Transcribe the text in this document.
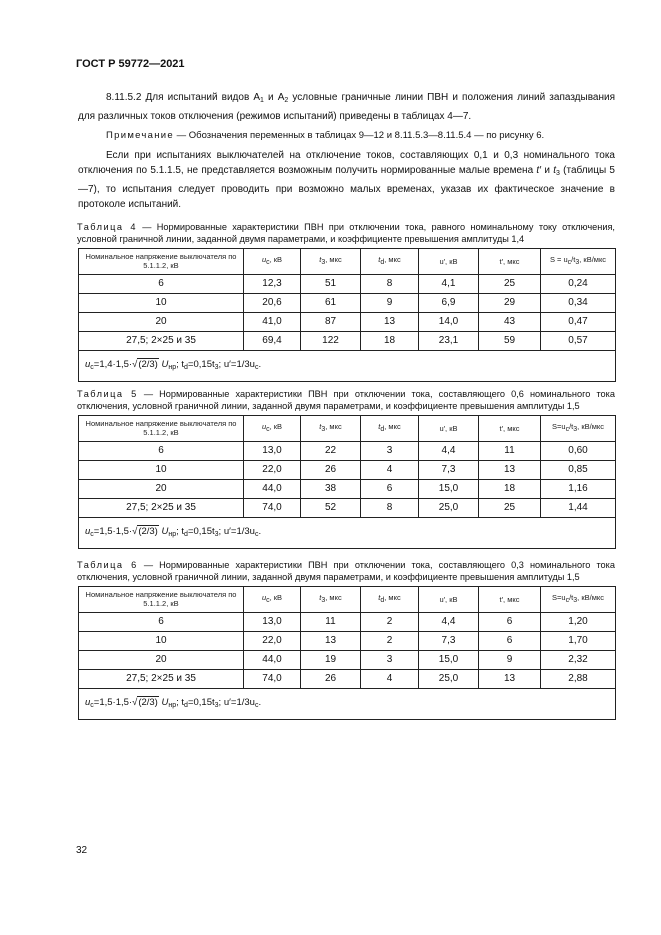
ГОСТ Р 59772—2021

8.11.5.2 Для испытаний видов $А_1$ и $А_2$ условные граничные линии ПВН и положения линий запаздывания для различных токов отключения (режимов испытаний) приведены в таблицах 4—7.

Примечание — Обозначения переменных в таблицах 9—12 и 8.11.5.3—8.11.5.4 — по рисунку 6.

Если при испытаниях выключателей на отключение токов, составляющих 0,1 и 0,3 номинального тока отключения по 5.1.1.5, не представляется возможным получить нормированные малые времена t′ и $t_3$ (таблицы 5—7), то испытания следует проводить при возможно малых временах, указав их фактическое значение в протоколе испытаний.

Таблица 4 — Нормированные характеристики ПВН при отключении тока, равного номинальному току отключения, условной граничной линии, заданной двумя параметрами, и коэффициенте превышения амплитуды 1,4
Номинальное напряжение выключателя по 5.1.1.2, кВ	uc, кВ	t3, мкс	td, мкс	u′, кВ	t′, мкс	S = uc/t3, кВ/мкс
6	12,3	51	8	4,1	25	0,24
10	20,6	61	9	6,9	29	0,34
20	41,0	87	13	14,0	43	0,47
27,5; 2×25 и 35	69,4	122	18	23,1	59	0,57
$u_c=1,4\cdot 1,5\cdot√(2/3)$ $U_{нр}$; $t_d=0,15t_3$; $u'=1/3u_c$.						
Таблица 5 — Нормированные характеристики ПВН при отключении тока, составляющего 0,6 номинального тока отключения, условной граничной линии, заданной двумя параметрами, и коэффициенте превышения амплитуды 1,5
Номинальное напряжение выключателя по 5.1.1.2, кВ	uc, кВ	t3, мкс	td, мкс	u′, кВ	t′, мкс	S=uc/t3, кВ/мкс
6	13,0	22	3	4,4	11	0,60
10	22,0	26	4	7,3	13	0,85
20	44,0	38	6	15,0	18	1,16
27,5; 2×25 и 35	74,0	52	8	25,0	25	1,44
$u_c=1,5\cdot 1,5\cdot√(2/3)$ $U_{нр}$; $t_d=0,15t_3$; $u'=1/3u_c$.						
Таблица 6 — Нормированные характеристики ПВН при отключении тока, составляющего 0,3 номинального тока отключения, условной граничной линии, заданной двумя параметрами, и коэффициенте превышения амплитуды 1,5
Номинальное напряжение выключателя по 5.1.1.2, кВ	uc, кВ	t3, мкс	td, мкс	u′, кВ	t′, мкс	S=uc/t3, кВ/мкс
6	13,0	11	2	4,4	6	1,20
10	22,0	13	2	7,3	6	1,70
20	44,0	19	3	15,0	9	2,32
27,5; 2×25 и 35	74,0	26	4	25,0	13	2,88
$u_c=1,5\cdot 1,5\cdot√(2/3)$ $U_{нр}$; $t_d=0,15t_3$; $u'=1/3u_c$.						
32
